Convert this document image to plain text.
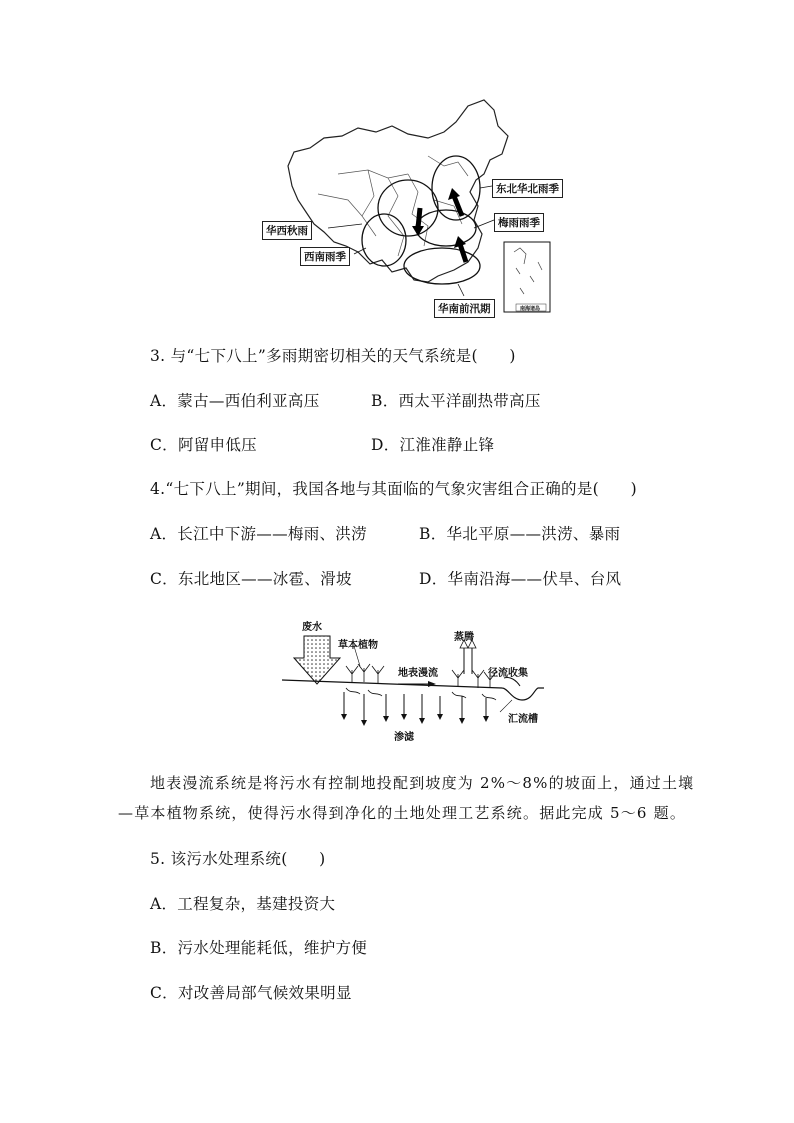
东北华北雨季
梅雨雨季
华西秋雨
西南雨季
华南前汛期	南海诸岛
3. 与“七下八上”多雨期密切相关的天气系统是(　　)
A．蒙古—西伯利亚高压	B．西太平洋副热带高压
C．阿留申低压	D．江淮准静止锋
4.“七下八上”期间，我国各地与其面临的气象灾害组合正确的是(　　)
A．长江中下游——梅雨、洪涝	B．华北平原——洪涝、暴雨
C．东北地区——冰雹、滑坡	D．华南沿海——伏旱、台风
废水
草本植物
蒸腾
地表漫流	径流收集
汇流槽
渗滤
地表漫流系统是将污水有控制地投配到坡度为 2%～8%的坡面上，通过土壤
—草本植物系统，使得污水得到净化的土地处理工艺系统。据此完成 5～6 题。
5. 该污水处理系统(　　)
A．工程复杂，基建投资大
B．污水处理能耗低，维护方便
C．对改善局部气候效果明显
